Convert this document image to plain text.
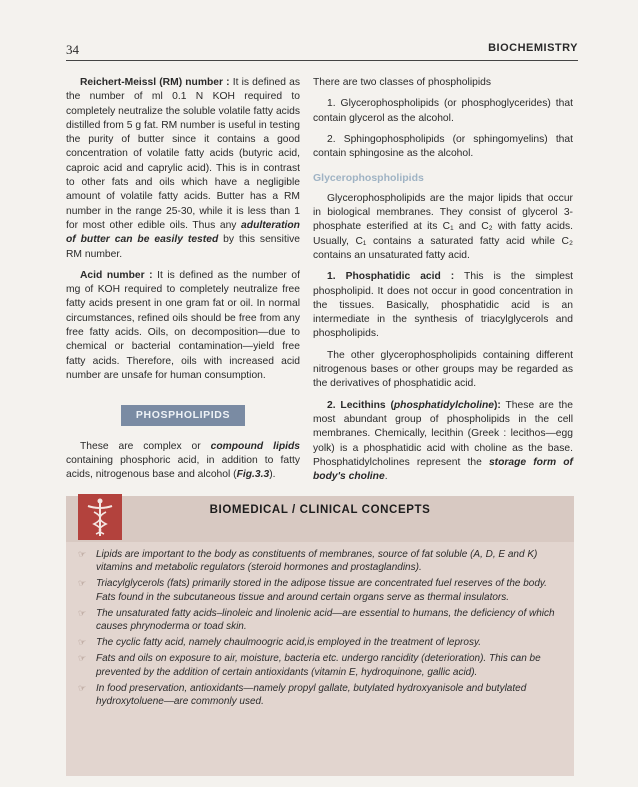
34	BIOCHEMISTRY

Reichert-Meissl (RM) number : It is defined as the number of ml 0.1 N KOH required to completely neutralize the soluble volatile fatty acids distilled from 5 g fat. RM number is useful in testing the purity of butter since it contains a good concentration of volatile fatty acids (butyric acid, caproic acid and caprylic acid). This is in contrast to other fats and oils which have a negligible amount of volatile fatty acids. Butter has a RM number in the range 25-30, while it is less than 1 for most other edible oils. Thus any adulteration of butter can be easily tested by this sensitive RM number.

Acid number : It is defined as the number of mg of KOH required to completely neutralize free fatty acids present in one gram fat or oil. In normal circumstances, refined oils should be free from any free fatty acids. Oils, on decomposition—due to chemical or bacterial contamination—yield free fatty acids. Therefore, oils with increased acid number are unsafe for human consumption.

PHOSPHOLIPIDS

These are complex or compound lipids containing phosphoric acid, in addition to fatty acids, nitrogenous base and alcohol (Fig.3.3).

There are two classes of phospholipids

1. Glycerophospholipids (or phosphoglycerides) that contain glycerol as the alcohol.

2. Sphingophospholipids (or sphingomyelins) that contain sphingosine as the alcohol.

Glycerophospholipids

Glycerophospholipids are the major lipids that occur in biological membranes. They consist of glycerol 3-phosphate esterified at its C₁ and C₂ with fatty acids. Usually, C₁ contains a saturated fatty acid while C₂ contains an unsaturated fatty acid.

1. Phosphatidic acid : This is the simplest phospholipid. It does not occur in good concentration in the tissues. Basically, phosphatidic acid is an intermediate in the synthesis of triacylglycerols and phospholipids.

The other glycerophospholipids containing different nitrogenous bases or other groups may be regarded as the derivatives of phosphatidic acid.

2. Lecithins (phosphatidylcholine): These are the most abundant group of phospholipids in the cell membranes. Chemically, lecithin (Greek : lecithos—egg yolk) is a phosphatidic acid with choline as the base. Phosphatidylcholines represent the storage form of body's choline.

BIOMEDICAL / CLINICAL CONCEPTS
☞ Lipids are important to the body as constituents of membranes, source of fat soluble (A, D, E and K) vitamins and metabolic regulators (steroid hormones and prostaglandins).
☞ Triacylglycerols (fats) primarily stored in the adipose tissue are concentrated fuel reserves of the body. Fats found in the subcutaneous tissue and around certain organs serve as thermal insulators.
☞ The unsaturated fatty acids–linoleic and linolenic acid—are essential to humans, the deficiency of which causes phrynoderma or toad skin.
☞ The cyclic fatty acid, namely chaulmoogric acid,is employed in the treatment of leprosy.
☞ Fats and oils on exposure to air, moisture, bacteria etc. undergo rancidity (deterioration). This can be prevented by the addition of certain antioxidants (vitamin E, hydroquinone, gallic acid).
☞ In food preservation, antioxidants—namely propyl gallate, butylated hydroxyanisole and butylated hydroxytoluene—are commonly used.
